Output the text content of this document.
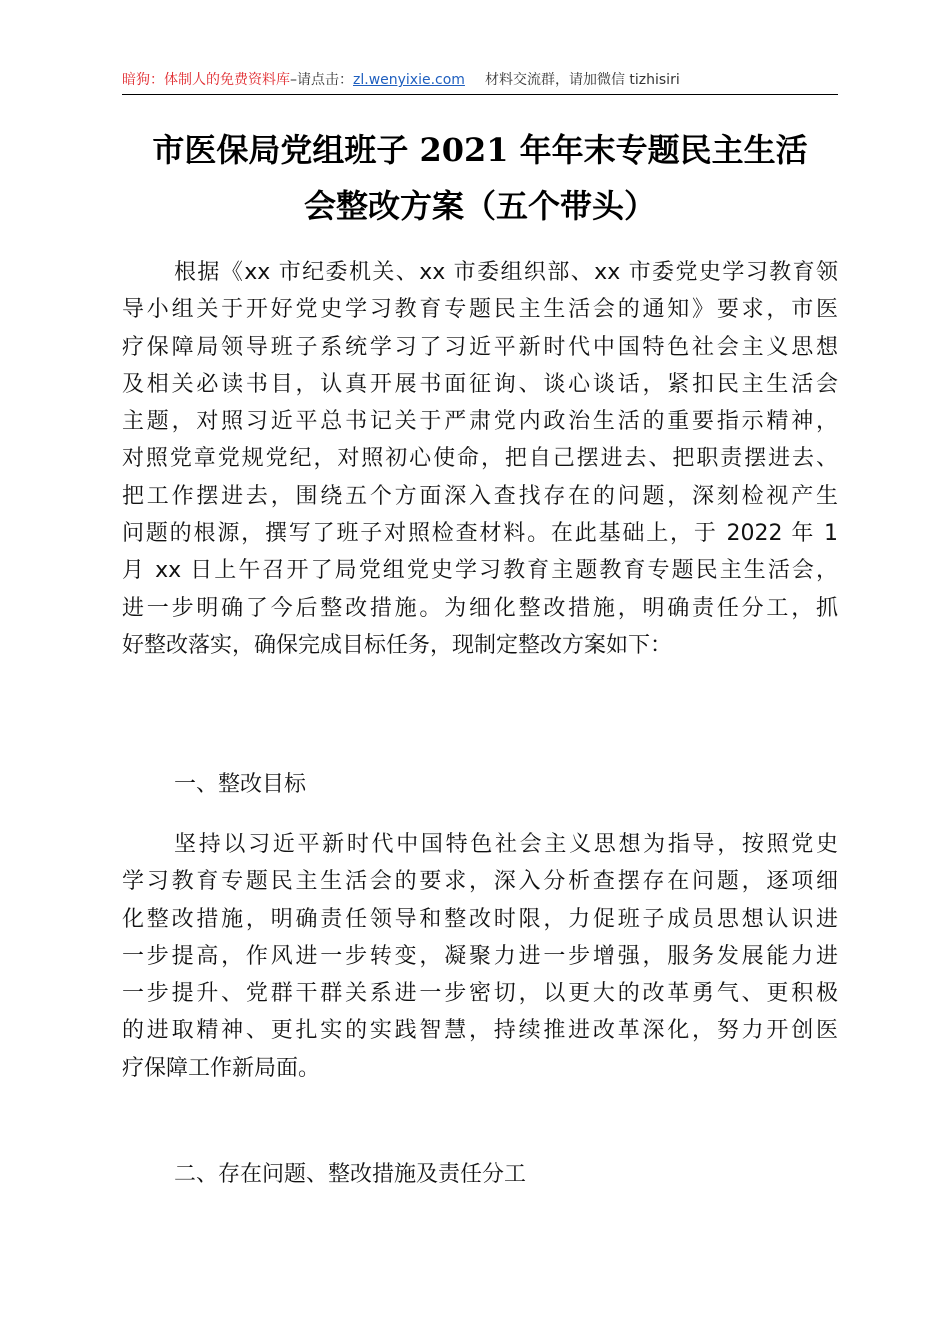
暗狗：体制人的免费资料库–请点击：zl.wenyixie.com 材料交流群，请加微信 tizhisiri
市医保局党组班子 2021 年年末专题民主生活
会整改方案（五个带头）
根据《xx 市纪委机关、xx 市委组织部、xx 市委党史学习教育领
导小组关于开好党史学习教育专题民主生活会的通知》要求，市医
疗保障局领导班子系统学习了习近平新时代中国特色社会主义思想
及相关必读书目，认真开展书面征询、谈心谈话，紧扣民主生活会
主题，对照习近平总书记关于严肃党内政治生活的重要指示精神，
对照党章党规党纪，对照初心使命，把自己摆进去、把职责摆进去、
把工作摆进去，围绕五个方面深入查找存在的问题，深刻检视产生
问题的根源，撰写了班子对照检查材料。在此基础上，于 2022 年 1
月 xx 日上午召开了局党组党史学习教育主题教育专题民主生活会，
进一步明确了今后整改措施。为细化整改措施，明确责任分工，抓
好整改落实，确保完成目标任务，现制定整改方案如下：
一、整改目标
坚持以习近平新时代中国特色社会主义思想为指导，按照党史
学习教育专题民主生活会的要求，深入分析查摆存在问题，逐项细
化整改措施，明确责任领导和整改时限，力促班子成员思想认识进
一步提高，作风进一步转变，凝聚力进一步增强，服务发展能力进
一步提升、党群干群关系进一步密切，以更大的改革勇气、更积极
的进取精神、更扎实的实践智慧，持续推进改革深化，努力开创医
疗保障工作新局面。
二、存在问题、整改措施及责任分工
